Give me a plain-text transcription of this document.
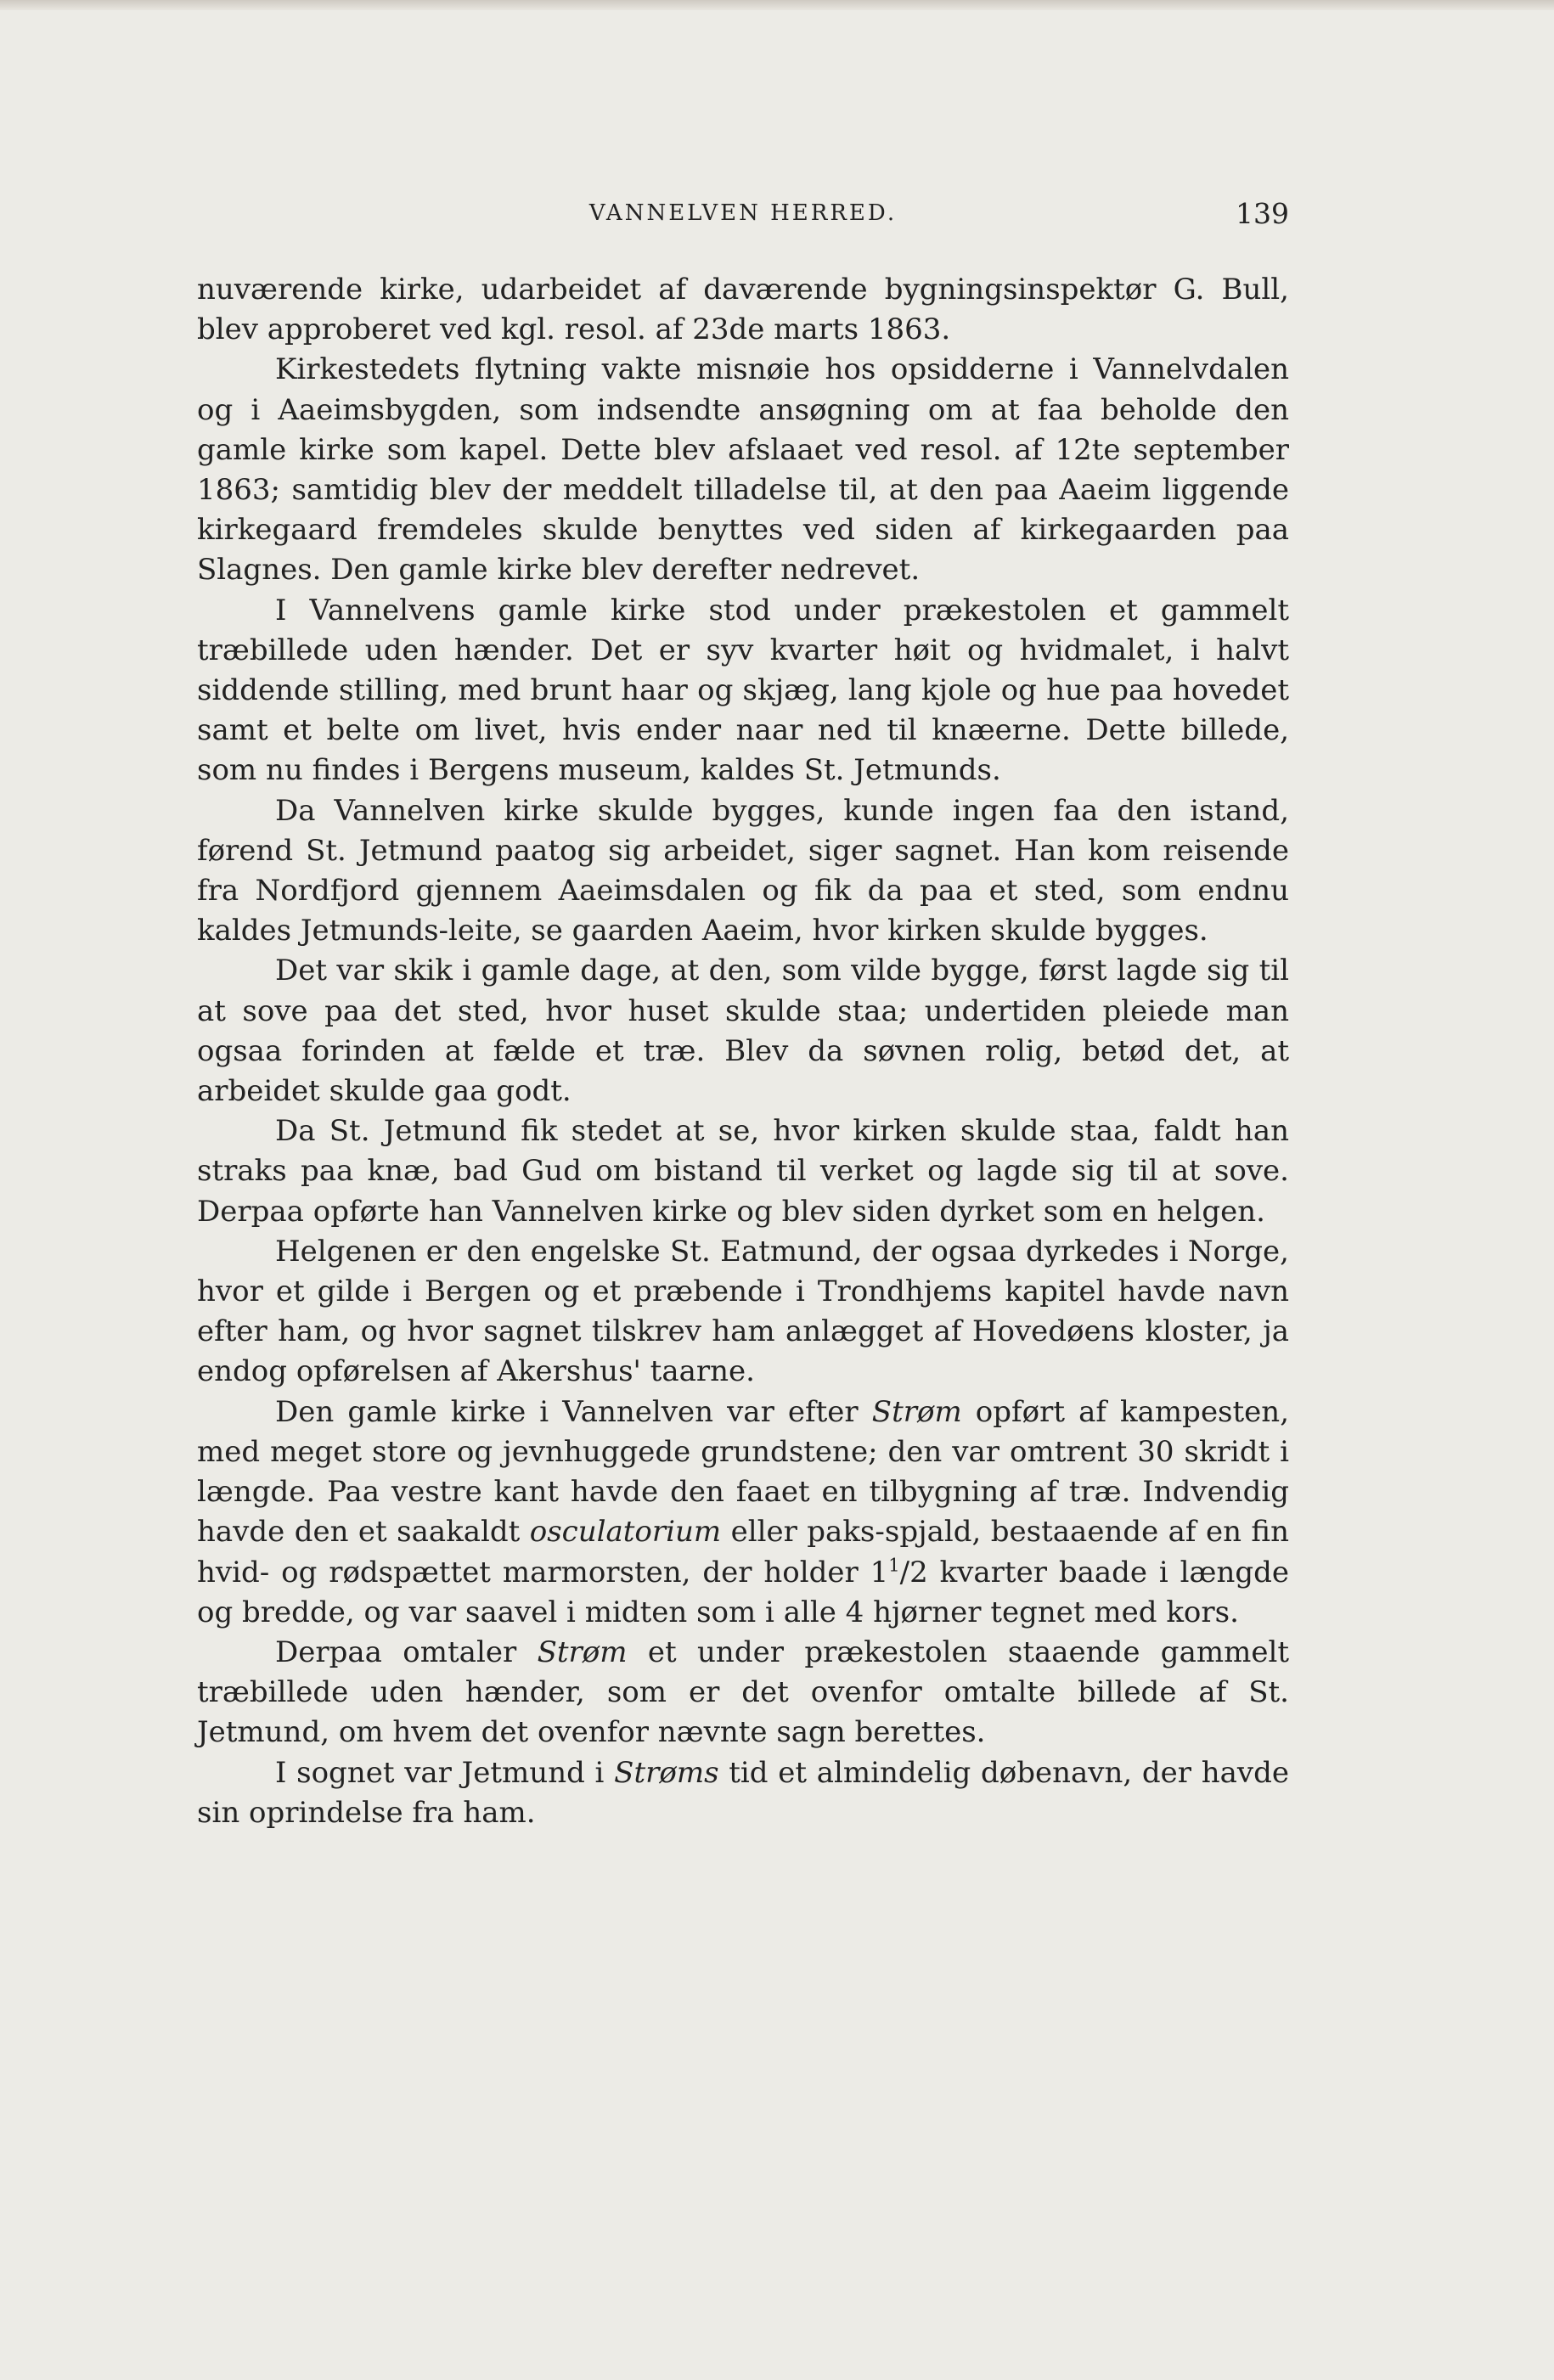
VANNELVEN HERRED.	139

nuværende kirke, udarbeidet af daværende bygningsinspektør G. Bull, blev approberet ved kgl. resol. af 23de marts 1863.

Kirkestedets flytning vakte misnøie hos opsidderne i Vannelvdalen og i Aaeimsbygden, som indsendte ansøgning om at faa beholde den gamle kirke som kapel. Dette blev afslaaet ved resol. af 12te september 1863; samtidig blev der meddelt tilladelse til, at den paa Aaeim liggende kirkegaard fremdeles skulde benyttes ved siden af kirkegaarden paa Slagnes. Den gamle kirke blev derefter nedrevet.

I Vannelvens gamle kirke stod under prækestolen et gammelt træbillede uden hænder. Det er syv kvarter høit og hvidmalet, i halvt siddende stilling, med brunt haar og skjæg, lang kjole og hue paa hovedet samt et belte om livet, hvis ender naar ned til knæerne. Dette billede, som nu findes i Bergens museum, kaldes St. Jetmunds.

Da Vannelven kirke skulde bygges, kunde ingen faa den istand, førend St. Jetmund paatog sig arbeidet, siger sagnet. Han kom reisende fra Nordfjord gjennem Aaeimsdalen og fik da paa et sted, som endnu kaldes Jetmunds-leite, se gaarden Aaeim, hvor kirken skulde bygges.

Det var skik i gamle dage, at den, som vilde bygge, først lagde sig til at sove paa det sted, hvor huset skulde staa; undertiden pleiede man ogsaa forinden at fælde et træ. Blev da søvnen rolig, betød det, at arbeidet skulde gaa godt.

Da St. Jetmund fik stedet at se, hvor kirken skulde staa, faldt han straks paa knæ, bad Gud om bistand til verket og lagde sig til at sove. Derpaa opførte han Vannelven kirke og blev siden dyrket som en helgen.

Helgenen er den engelske St. Eatmund, der ogsaa dyrkedes i Norge, hvor et gilde i Bergen og et præbende i Trondhjems kapitel havde navn efter ham, og hvor sagnet tilskrev ham anlægget af Hovedøens kloster, ja endog opførelsen af Akershus' taarne.

Den gamle kirke i Vannelven var efter Strøm opført af kampesten, med meget store og jevnhuggede grundstene; den var omtrent 30 skridt i længde. Paa vestre kant havde den faaet en tilbygning af træ. Indvendig havde den et saakaldt osculatorium eller paks-spjald, bestaaende af en fin hvid- og rødspættet marmorsten, der holder $1^1/2$ kvarter baade i længde og bredde, og var saavel i midten som i alle 4 hjørner tegnet med kors.

Derpaa omtaler Strøm et under prækestolen staaende gammelt træbillede uden hænder, som er det ovenfor omtalte billede af St. Jetmund, om hvem det ovenfor nævnte sagn berettes.

I sognet var Jetmund i Strøms tid et almindelig døbenavn, der havde sin oprindelse fra ham.
